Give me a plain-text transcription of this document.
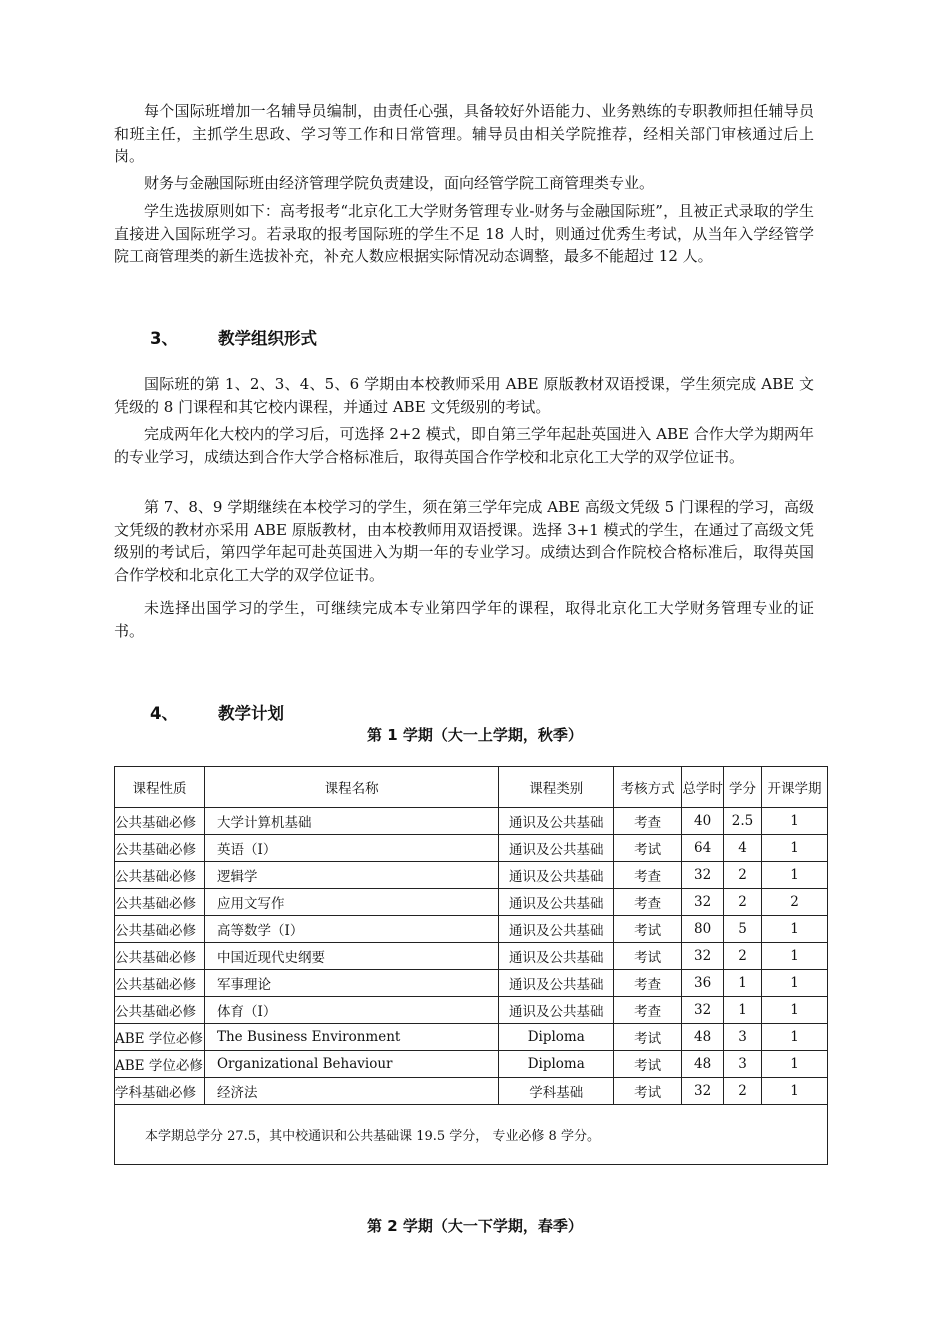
每个国际班增加一名辅导员编制，由责任心强，具备较好外语能力、业务熟练的专职教师担任辅导员和班主任，主抓学生思政、学习等工作和日常管理。辅导员由相关学院推荐，经相关部门审核通过后上岗。

财务与金融国际班由经济管理学院负责建设，面向经管学院工商管理类专业。

学生选拔原则如下：高考报考“北京化工大学财务管理专业-财务与金融国际班”，且被正式录取的学生直接进入国际班学习。若录取的报考国际班的学生不足 18 人时，则通过优秀生考试，从当年入学经管学院工商管理类的新生选拔补充，补充人数应根据实际情况动态调整，最多不能超过 12 人。

3、 教学组织形式

国际班的第 1、2、3、4、5、6 学期由本校教师采用 ABE 原版教材双语授课，学生须完成 ABE 文凭级的 8 门课程和其它校内课程，并通过 ABE 文凭级别的考试。

完成两年化大校内的学习后，可选择 2+2 模式，即自第三学年起赴英国进入 ABE 合作大学为期两年的专业学习，成绩达到合作大学合格标准后，取得英国合作学校和北京化工大学的双学位证书。

第 7、8、9 学期继续在本校学习的学生，须在第三学年完成 ABE 高级文凭级 5 门课程的学习，高级文凭级的教材亦采用 ABE 原版教材，由本校教师用双语授课。选择 3+1 模式的学生，在通过了高级文凭级别的考试后，第四学年起可赴英国进入为期一年的专业学习。成绩达到合作院校合格标准后，取得英国合作学校和北京化工大学的双学位证书。

未选择出国学习的学生，可继续完成本专业第四学年的课程，取得北京化工大学财务管理专业的证书。

4、 教学计划
第 1 学期（大一上学期，秋季）
课程性质	课程名称	课程类别	考核方式	总学时	学分	开课学期
公共基础必修	大学计算机基础	通识及公共基础	考查	40	2.5	1
公共基础必修	英语（Ⅰ）	通识及公共基础	考试	64	4	1
公共基础必修	逻辑学	通识及公共基础	考查	32	2	1
公共基础必修	应用文写作	通识及公共基础	考查	32	2	2
公共基础必修	高等数学（Ⅰ）	通识及公共基础	考试	80	5	1
公共基础必修	中国近现代史纲要	通识及公共基础	考试	32	2	1
公共基础必修	军事理论	通识及公共基础	考查	36	1	1
公共基础必修	体育（Ⅰ）	通识及公共基础	考查	32	1	1
ABE 学位必修	The Business Environment	Diploma	考试	48	3	1
ABE 学位必修	Organizational Behaviour	Diploma	考试	48	3	1
学科基础必修	经济法	学科基础	考试	32	2	1
本学期总学分 27.5，其中校通识和公共基础课 19.5 学分， 专业必修 8 学分。						
第 2 学期（大一下学期，春季）
